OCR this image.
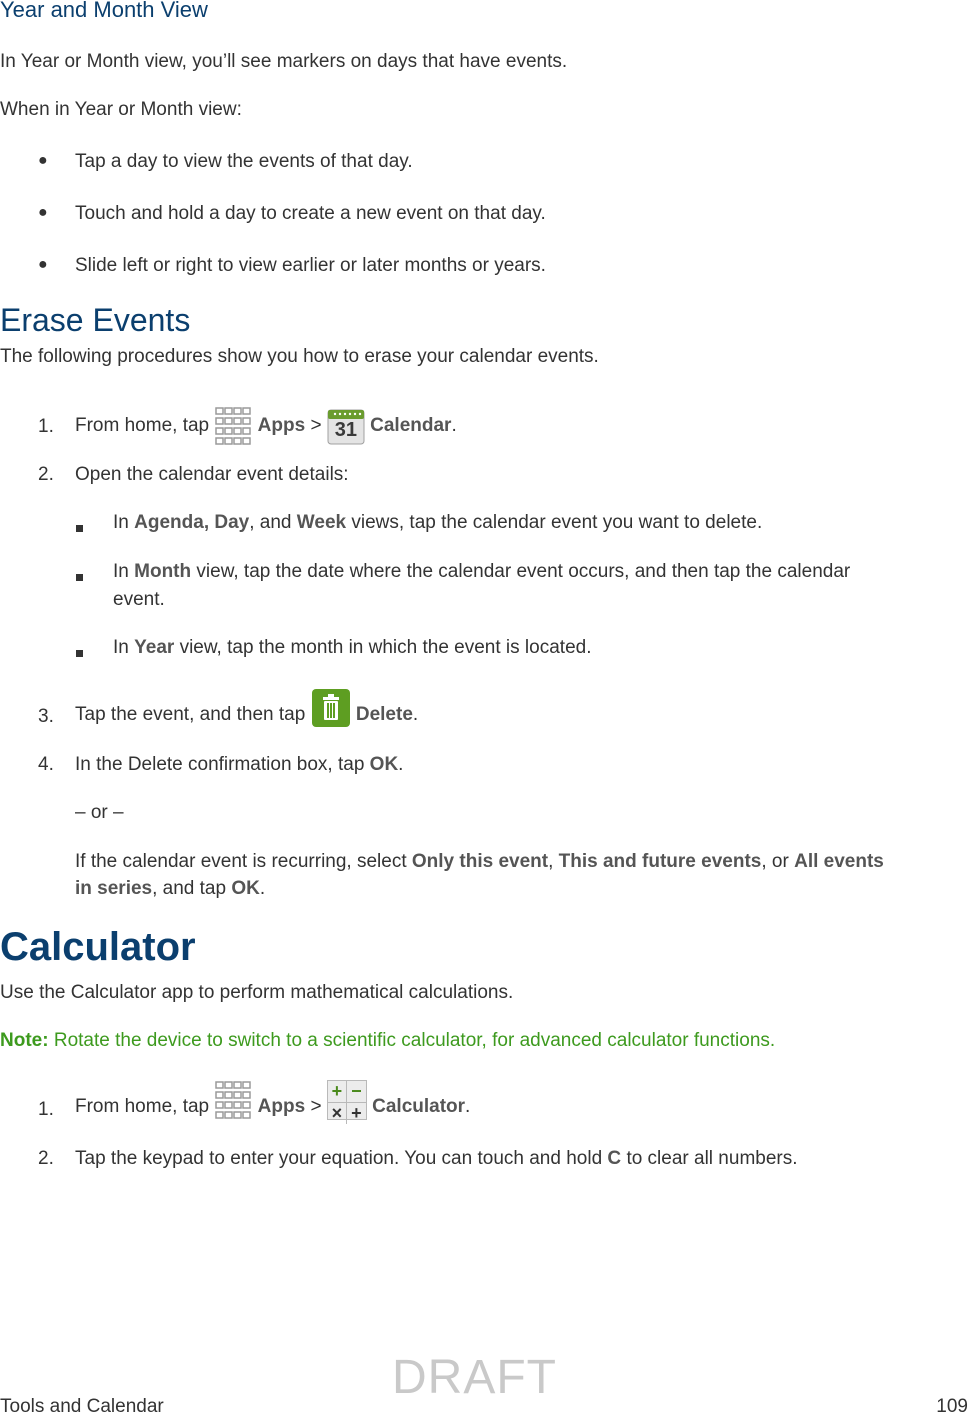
Year and Month View
In Year or Month view, you’ll see markers on days that have events.
When in Year or Month view:
● Tap a day to view the events of that day.
● Touch and hold a day to create a new event on that day.
● Slide left or right to view earlier or later months or years.
Erase Events
The following procedures show you how to erase your calendar events.
1. From home, tap

	Apps
>
31
Calendar .
2. Open the calendar event details:
In Agenda, Day, and Week views, tap the calendar event you want to delete.
In Month view, tap the date where the calendar event occurs, and then tap the calendar
event.
In Year view, tap the month in which the event is located.
3. Tap the event, and then tap

	Delete .
4. In the Delete confirmation box, tap OK.
– or –
If the calendar event is recurring, select Only this event, This and future events, or All events
in series, and tap OK.
Calculator
Use the Calculator app to perform mathematical calculations.
Note: Rotate the device to switch to a scientific calculator, for advanced calculator functions.
1. From home, tap

	Apps
>

+ −
× +
Calculator .
2. Tap the keypad to enter your equation. You can touch and hold C to clear all numbers.
DRAFT
Tools and Calendar	109
